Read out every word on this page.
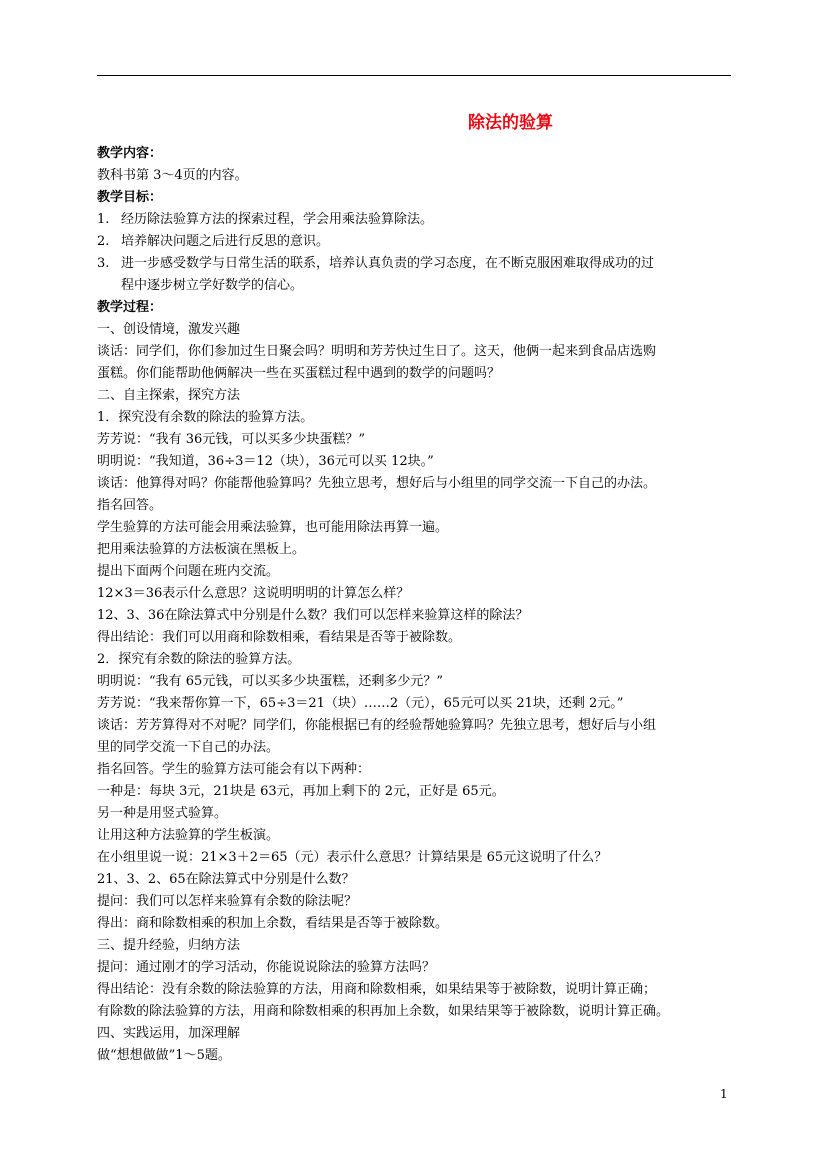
除法的验算
教学内容：
教科书第 3～4页的内容。
教学目标：
1. 经历除法验算方法的探索过程，学会用乘法验算除法。
2. 培养解决问题之后进行反思的意识。
3. 进一步感受数学与日常生活的联系，培养认真负责的学习态度，在不断克服困难取得成功的过
程中逐步树立学好数学的信心。
教学过程：
一、创设情境，激发兴趣
谈话：同学们，你们参加过生日聚会吗？明明和芳芳快过生日了。这天，他俩一起来到食品店选购
蛋糕。你们能帮助他俩解决一些在买蛋糕过程中遇到的数学的问题吗？
二、自主探索，探究方法
1．探究没有余数的除法的验算方法。
芳芳说：“我有 36元钱，可以买多少块蛋糕？”
明明说：“我知道，36÷3＝12（块），36元可以买 12块。”
谈话：他算得对吗？你能帮他验算吗？先独立思考，想好后与小组里的同学交流一下自己的办法。
指名回答。
学生验算的方法可能会用乘法验算，也可能用除法再算一遍。
把用乘法验算的方法板演在黑板上。
提出下面两个问题在班内交流。
12×3＝36表示什么意思？这说明明明的计算怎么样？
12、3、36在除法算式中分别是什么数？我们可以怎样来验算这样的除法？
得出结论：我们可以用商和除数相乘，看结果是否等于被除数。
2．探究有余数的除法的验算方法。
明明说：“我有 65元钱，可以买多少块蛋糕，还剩多少元？”
芳芳说：“我来帮你算一下，65÷3＝21（块）……2（元），65元可以买 21块，还剩 2元。”
谈话：芳芳算得对不对呢？同学们，你能根据已有的经验帮她验算吗？先独立思考，想好后与小组
里的同学交流一下自己的办法。
指名回答。学生的验算方法可能会有以下两种：
一种是：每块 3元，21块是 63元，再加上剩下的 2元，正好是 65元。
另一种是用竖式验算。
让用这种方法验算的学生板演。
在小组里说一说：21×3＋2＝65（元）表示什么意思？计算结果是 65元这说明了什么？
21、3、2、65在除法算式中分别是什么数？
提问：我们可以怎样来验算有余数的除法呢？
得出：商和除数相乘的积加上余数，看结果是否等于被除数。
三、提升经验，归纳方法
提问：通过刚才的学习活动，你能说说除法的验算方法吗？
得出结论：没有余数的除法验算的方法，用商和除数相乘，如果结果等于被除数，说明计算正确；
有除数的除法验算的方法，用商和除数相乘的积再加上余数，如果结果等于被除数，说明计算正确。
四、实践运用，加深理解
做“想想做做”1～5题。
1
